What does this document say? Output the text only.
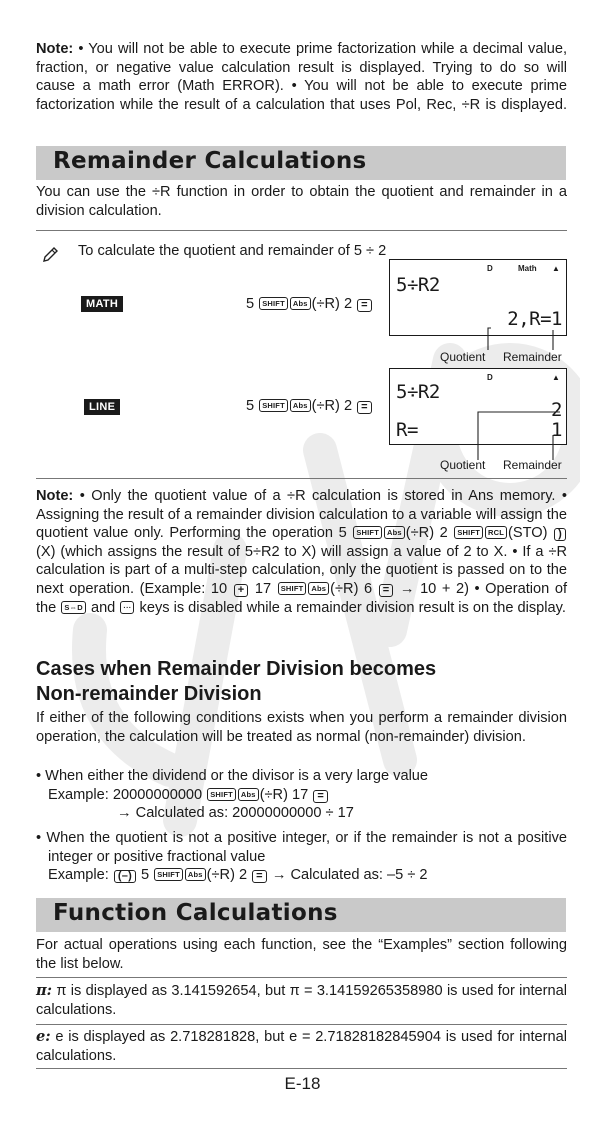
Note: • You will not be able to execute prime factorization while a decimal value, fraction, or negative value calculation result is displayed. Trying to do so will cause a math error (Math ERROR). • You will not be able to execute prime factorization while the result of a calculation that uses Pol, Rec, ÷R is displayed.
Remainder Calculations
You can use the ÷R function in order to obtain the quotient and remainder in a division calculation.
To calculate the quotient and remainder of 5 ÷ 2
MATH	5 SHIFT Abs (÷R) 2 =
D	Math ▲
5÷R2
2,R=1
Quotient Remainder
LINE	5 SHIFT Abs (÷R) 2 =
D	▲
5÷R2
2
R=	1
Quotient Remainder
Note: • Only the quotient value of a ÷R calculation is stored in Ans memory. • Assigning the result of a remainder division calculation to a variable will assign the quotient value only. Performing the operation 5 SHIFT Abs (÷R) 2 SHIFT RCL (STO) )(X) (which assigns the result of 5÷R2 to X) will assign a value of 2 to X. • If a ÷R calculation is part of a multi-step calculation, only the quotient is passed on to the next operation. (Example: 10 + 17 SHIFT Abs (÷R) 6 = → 10 + 2) • Operation of the S⇔D and ··· keys is disabled while a remainder division result is on the display.
Cases when Remainder Division becomes
Non-remainder Division
If either of the following conditions exists when you perform a remainder division operation, the calculation will be treated as normal (non-remainder) division.
• When either the dividend or the divisor is a very large value
Example: 20000000000 SHIFT Abs (÷R) 17 =
→ Calculated as: 20000000000 ÷ 17
• When the quotient is not a positive integer, or if the remainder is not a positive integer or positive fractional value
Example: (–) 5 SHIFT Abs (÷R) 2 = → Calculated as: –5 ÷ 2
Function Calculations
For actual operations using each function, see the “Examples” section following the list below.
π: π is displayed as 3.141592654, but π = 3.14159265358980 is used for internal calculations.
e: e is displayed as 2.718281828, but e = 2.71828182845904 is used for internal calculations.
E-18
